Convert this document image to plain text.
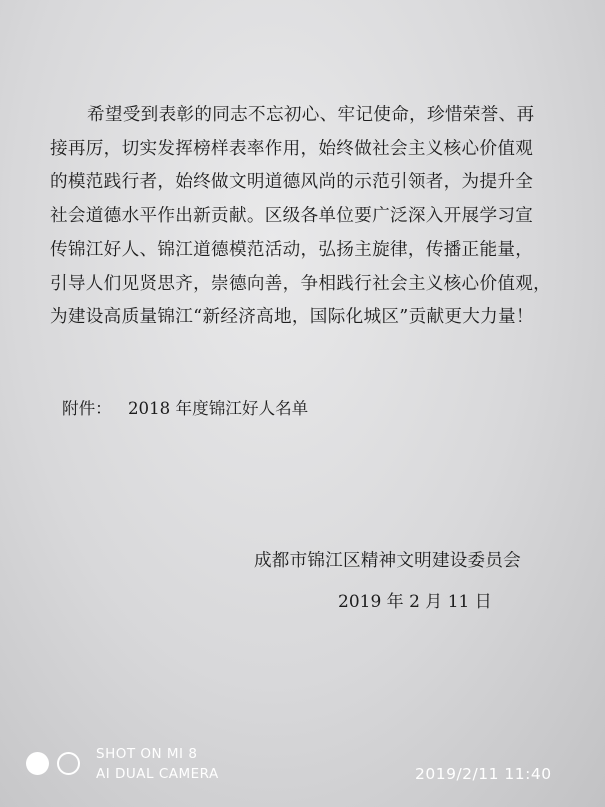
希望受到表彰的同志不忘初心、牢记使命，珍惜荣誉、再
接再厉，切实发挥榜样表率作用，始终做社会主义核心价值观
的模范践行者，始终做文明道德风尚的示范引领者，为提升全
社会道德水平作出新贡献。区级各单位要广泛深入开展学习宣
传锦江好人、锦江道德模范活动，弘扬主旋律，传播正能量，
引导人们见贤思齐，崇德向善，争相践行社会主义核心价值观，
为建设高质量锦江“新经济高地，国际化城区”贡献更大力量！
附件： 2018 年度锦江好人名单
成都市锦江区精神文明建设委员会
2019 年 2 月 11 日
SHOT ON MI 8
AI DUAL CAMERA	2019/2/11 11:40
